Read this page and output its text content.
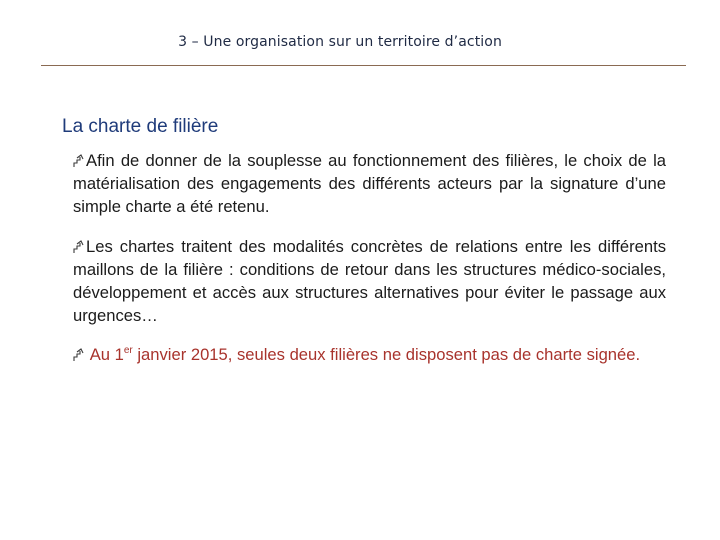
3 – Une organisation sur un territoire d’action
La charte de filière
Afin de donner de la souplesse au fonctionnement des filières, le choix de la matérialisation des engagements des différents acteurs par la signature d’une simple charte a été retenu.
Les chartes traitent des modalités concrètes de relations entre les différents maillons de la filière : conditions de retour dans les structures médico-sociales, développement et accès aux structures alternatives pour éviter le passage aux urgences…
Au 1er janvier 2015, seules deux filières ne disposent pas de charte signée.
